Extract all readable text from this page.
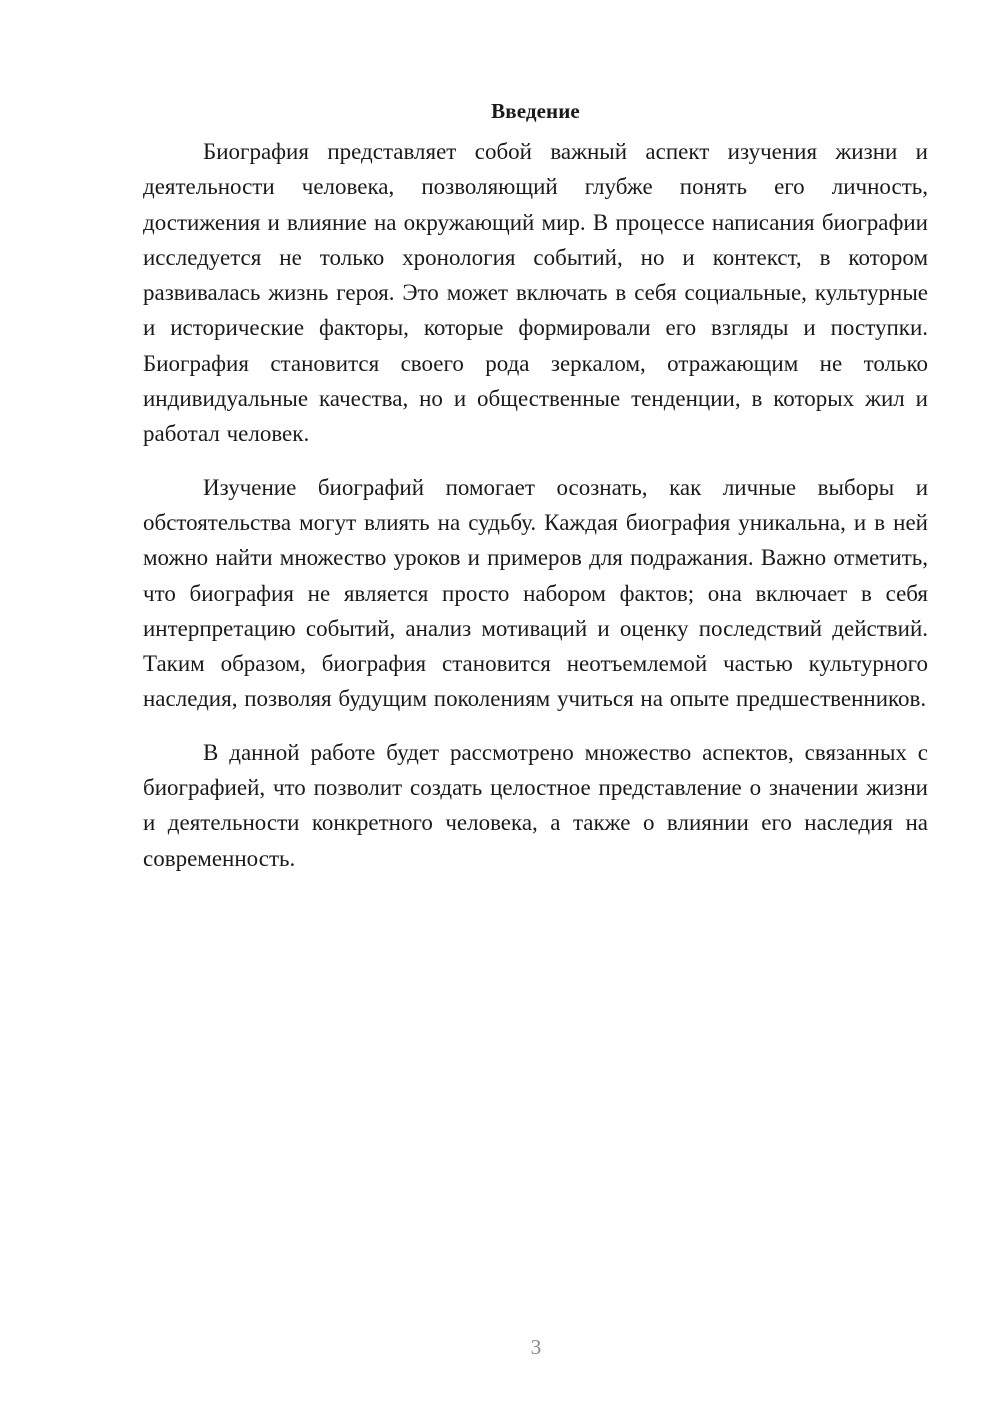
Введение

Биография представляет собой важный аспект изучения жизни и деятельности человека, позволяющий глубже понять его личность, достижения и влияние на окружающий мир. В процессе написания биографии исследуется не только хронология событий, но и контекст, в котором развивалась жизнь героя. Это может включать в себя социальные, культурные и исторические факторы, которые формировали его взгляды и поступки. Биография становится своего рода зеркалом, отражающим не только индивидуальные качества, но и общественные тенденции, в которых жил и работал человек.

Изучение биографий помогает осознать, как личные выборы и обстоятельства могут влиять на судьбу. Каждая биография уникальна, и в ней можно найти множество уроков и примеров для подражания. Важно отметить, что биография не является просто набором фактов; она включает в себя интерпретацию событий, анализ мотиваций и оценку последствий действий. Таким образом, биография становится неотъемлемой частью культурного наследия, позволяя будущим поколениям учиться на опыте предшественников.

В данной работе будет рассмотрено множество аспектов, связанных с биографией, что позволит создать целостное представление о значении жизни и деятельности конкретного человека, а также о влиянии его наследия на современность.

3
